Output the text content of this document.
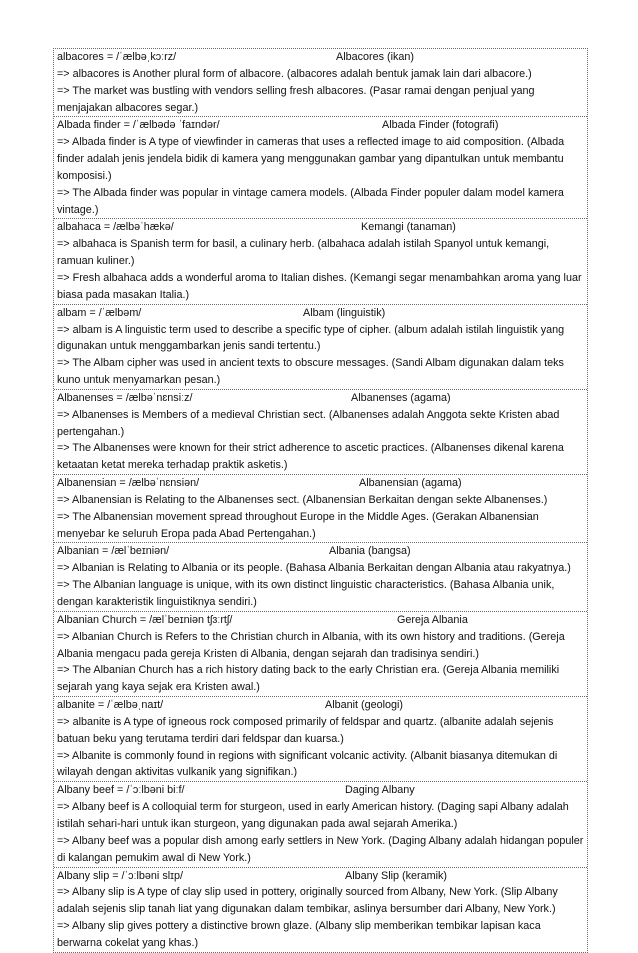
albacores = /ˈælbəˌkɔːrz/	Albacores (ikan)
=> albacores is Another plural form of albacore. (albacores adalah bentuk jamak lain dari albacore.)
=> The market was bustling with vendors selling fresh albacores. (Pasar ramai dengan penjual yang menjajakan albacores segar.)
Albada finder = /ˈælbədə ˈfaɪndər/	Albada Finder (fotografi)
=> Albada finder is A type of viewfinder in cameras that uses a reflected image to aid composition. (Albada finder adalah jenis jendela bidik di kamera yang menggunakan gambar yang dipantulkan untuk membantu komposisi.)
=> The Albada finder was popular in vintage camera models. (Albada Finder populer dalam model kamera vintage.)
albahaca = /ælbəˈhækə/	Kemangi (tanaman)
=> albahaca is Spanish term for basil, a culinary herb. (albahaca adalah istilah Spanyol untuk kemangi, ramuan kuliner.)
=> Fresh albahaca adds a wonderful aroma to Italian dishes. (Kemangi segar menambahkan aroma yang luar biasa pada masakan Italia.)
albam = /ˈælbəm/	Albam (linguistik)
=> albam is A linguistic term used to describe a specific type of cipher. (album adalah istilah linguistik yang digunakan untuk menggambarkan jenis sandi tertentu.)
=> The Albam cipher was used in ancient texts to obscure messages. (Sandi Albam digunakan dalam teks kuno untuk menyamarkan pesan.)
Albanenses = /ælbəˈnɛnsiːz/	Albanenses (agama)
=> Albanenses is Members of a medieval Christian sect. (Albanenses adalah Anggota sekte Kristen abad pertengahan.)
=> The Albanenses were known for their strict adherence to ascetic practices. (Albanenses dikenal karena ketaatan ketat mereka terhadap praktik asketis.)
Albanensian = /ælbəˈnɛnsiən/	Albanensian (agama)
=> Albanensian is Relating to the Albanenses sect. (Albanensian Berkaitan dengan sekte Albanenses.)
=> The Albanensian movement spread throughout Europe in the Middle Ages. (Gerakan Albanensian menyebar ke seluruh Eropa pada Abad Pertengahan.)
Albanian = /ælˈbeɪniən/	Albania (bangsa)
=> Albanian is Relating to Albania or its people. (Bahasa Albania Berkaitan dengan Albania atau rakyatnya.)
=> The Albanian language is unique, with its own distinct linguistic characteristics. (Bahasa Albania unik, dengan karakteristik linguistiknya sendiri.)
Albanian Church = /ælˈbeɪniən tʃɜːrtʃ/	Gereja Albania
=> Albanian Church is Refers to the Christian church in Albania, with its own history and traditions. (Gereja Albania mengacu pada gereja Kristen di Albania, dengan sejarah dan tradisinya sendiri.)
=> The Albanian Church has a rich history dating back to the early Christian era. (Gereja Albania memiliki sejarah yang kaya sejak era Kristen awal.)
albanite = /ˈælbəˌnaɪt/	Albanit (geologi)
=> albanite is A type of igneous rock composed primarily of feldspar and quartz. (albanite adalah sejenis batuan beku yang terutama terdiri dari feldspar dan kuarsa.)
=> Albanite is commonly found in regions with significant volcanic activity. (Albanit biasanya ditemukan di wilayah dengan aktivitas vulkanik yang signifikan.)
Albany beef = /ˈɔːlbəni biːf/	Daging Albany
=> Albany beef is A colloquial term for sturgeon, used in early American history. (Daging sapi Albany adalah istilah sehari-hari untuk ikan sturgeon, yang digunakan pada awal sejarah Amerika.)
=> Albany beef was a popular dish among early settlers in New York. (Daging Albany adalah hidangan populer di kalangan pemukim awal di New York.)
Albany slip = /ˈɔːlbəni slɪp/	Albany Slip (keramik)
=> Albany slip is A type of clay slip used in pottery, originally sourced from Albany, New York. (Slip Albany adalah sejenis slip tanah liat yang digunakan dalam tembikar, aslinya bersumber dari Albany, New York.)
=> Albany slip gives pottery a distinctive brown glaze. (Albany slip memberikan tembikar lapisan kaca berwarna cokelat yang khas.)
